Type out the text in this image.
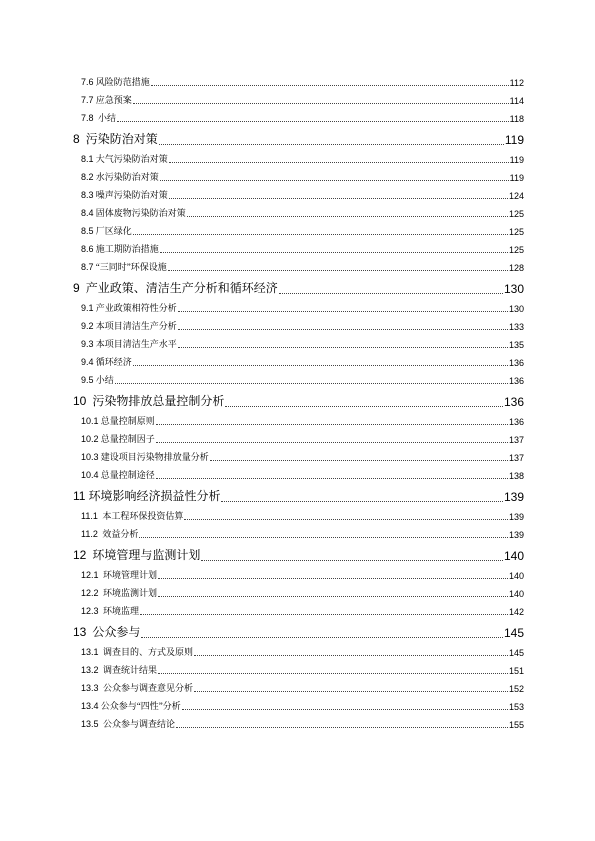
7.6 风险防范措施	112
7.7 应急预案	114
7.8  小结	118
8  污染防治对策	119
8.1 大气污染防治对策	119
8.2 水污染防治对策	119
8.3 噪声污染防治对策	124
8.4 固体废物污染防治对策	125
8.5 厂区绿化	125
8.6 施工期防治措施	125
8.7 “三同时”环保设施	128
9  产业政策、清洁生产分析和循环经济	130
9.1 产业政策相符性分析	130
9.2 本项目清洁生产分析	133
9.3 本项目清洁生产水平	135
9.4 循环经济	136
9.5 小结	136
10  污染物排放总量控制分析	136
10.1 总量控制原则	136
10.2 总量控制因子	137
10.3 建设项目污染物排放量分析	137
10.4 总量控制途径	138
11 环境影响经济损益性分析	139
11.1  本工程环保投资估算	139
11.2  效益分析	139
12  环境管理与监测计划	140
12.1  环境管理计划	140
12.2  环境监测计划	140
12.3  环境监理	142
13  公众参与	145
13.1  调查目的、方式及原则	145
13.2  调查统计结果	151
13.3  公众参与调查意见分析	152
13.4 公众参与“四性”分析	153
13.5  公众参与调查结论	155
